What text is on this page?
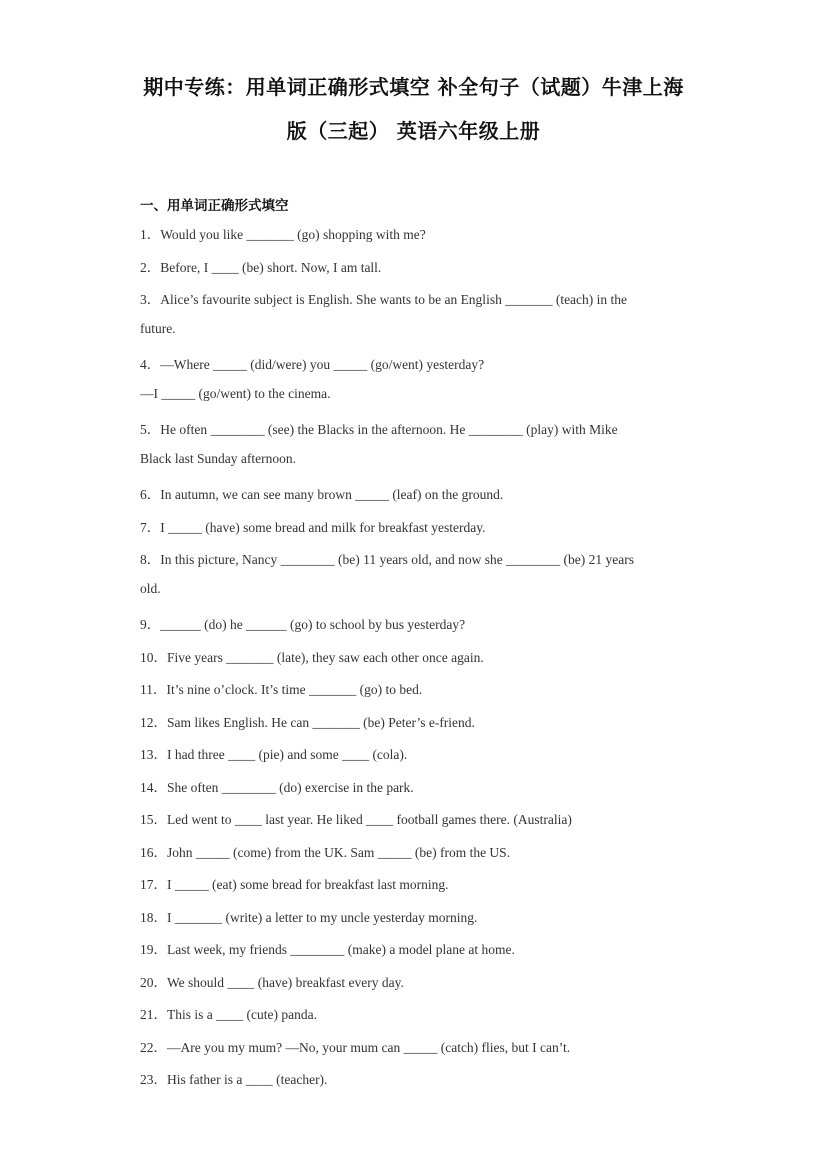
期中专练：用单词正确形式填空 补全句子（试题）牛津上海
版（三起） 英语六年级上册
一、用单词正确形式填空
1．Would you like _______ (go) shopping with me?
2．Before, I ____ (be) short. Now, I am tall.
3．Alice’s favourite subject is English. She wants to be an English _______ (teach) in the
future.
4．—Where _____ (did/were) you _____ (go/went) yesterday?
—I _____ (go/went) to the cinema.
5．He often ________ (see) the Blacks in the afternoon. He ________ (play) with Mike
Black last Sunday afternoon.
6．In autumn, we can see many brown _____ (leaf) on the ground.
7．I _____ (have) some bread and milk for breakfast yesterday.
8．In this picture, Nancy ________ (be) 11 years old, and now she ________ (be) 21 years
old.
9．______ (do) he ______ (go) to school by bus yesterday?
10．Five years _______ (late), they saw each other once again.
11．It’s nine o’clock. It’s time _______ (go) to bed.
12．Sam likes English. He can _______ (be) Peter’s e-friend.
13．I had three ____ (pie) and some ____ (cola).
14．She often ________ (do) exercise in the park.
15．Led went to ____ last year. He liked ____ football games there. (Australia)
16．John _____ (come) from the UK. Sam _____ (be) from the US.
17．I _____ (eat) some bread for breakfast last morning.
18．I _______ (write) a letter to my uncle yesterday morning.
19．Last week, my friends ________ (make) a model plane at home.
20．We should ____ (have) breakfast every day.
21．This is a ____ (cute) panda.
22．—Are you my mum? —No, your mum can _____ (catch) flies, but I can’t.
23．His father is a ____ (teacher).
